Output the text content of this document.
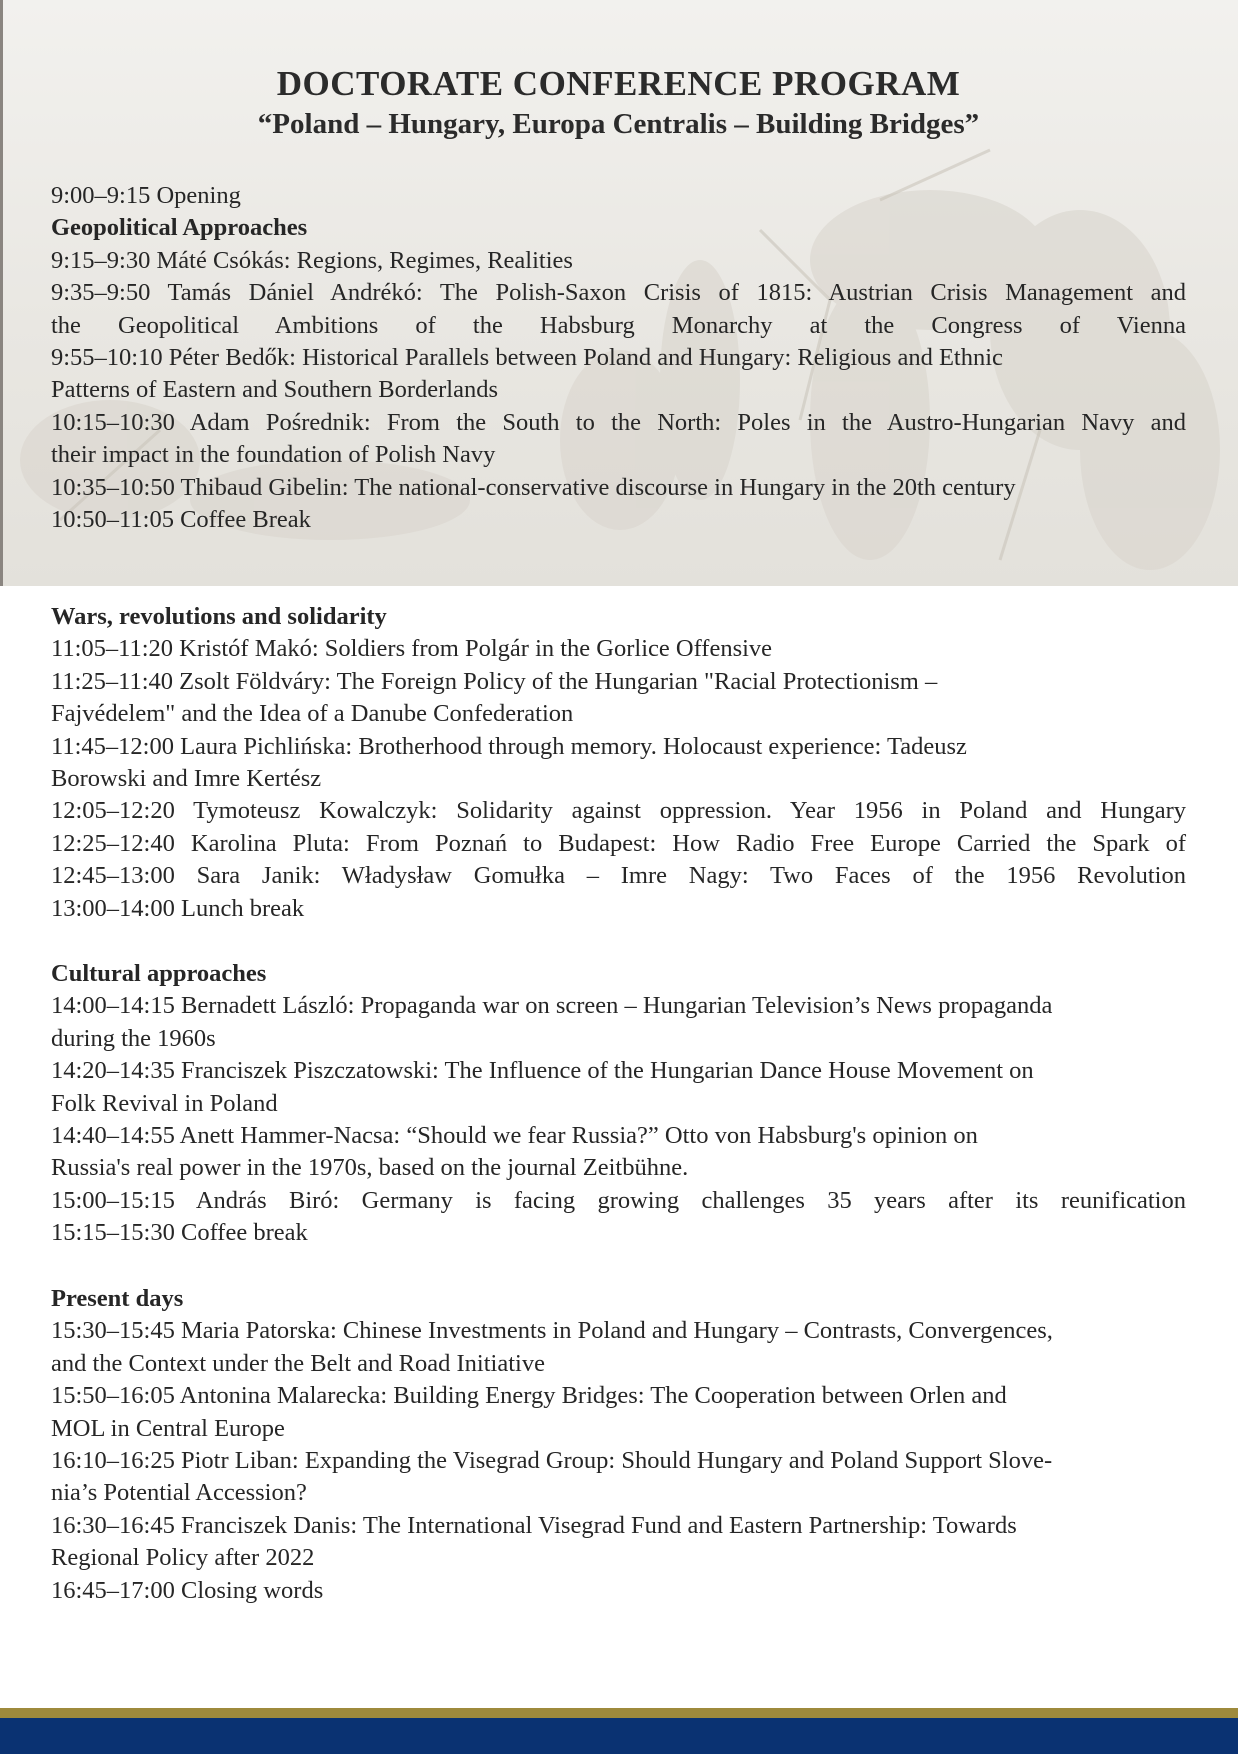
DOCTORATE CONFERENCE PROGRAM
“Poland – Hungary, Europa Centralis – Building Bridges”

9:00–9:15 Opening

Geopolitical Approaches

9:15–9:30 Máté Csókás: Regions, Regimes, Realities

9:35–9:50 Tamás Dániel Andrékó: The Polish-Saxon Crisis of 1815: Austrian Crisis Management and

the Geopolitical Ambitions of the Habsburg Monarchy at the Congress of Vienna

9:55–10:10 Péter Bedők: Historical Parallels between Poland and Hungary: Religious and Ethnic

Patterns of Eastern and Southern Borderlands

10:15–10:30 Adam Pośrednik: From the South to the North: Poles in the Austro-Hungarian Navy and

their impact in the foundation of Polish Navy

10:35–10:50 Thibaud Gibelin: The national-conservative discourse in Hungary in the 20th century

10:50–11:05 Coffee Break

Wars, revolutions and solidarity

11:05–11:20 Kristóf Makó: Soldiers from Polgár in the Gorlice Offensive

11:25–11:40 Zsolt Földváry: The Foreign Policy of the Hungarian "Racial Protectionism –

Fajvédelem" and the Idea of a Danube Confederation

11:45–12:00 Laura Pichlińska: Brotherhood through memory. Holocaust experience: Tadeusz

Borowski and Imre Kertész

12:05–12:20 Tymoteusz Kowalczyk: Solidarity against oppression. Year 1956 in Poland and Hungary

12:25–12:40 Karolina Pluta: From Poznań to Budapest: How Radio Free Europe Carried the Spark of

12:45–13:00 Sara Janik: Władysław Gomułka – Imre Nagy: Two Faces of the 1956 Revolution

13:00–14:00 Lunch break

Cultural approaches

14:00–14:15 Bernadett László: Propaganda war on screen – Hungarian Television’s News propaganda

during the 1960s

14:20–14:35 Franciszek Piszczatowski: The Influence of the Hungarian Dance House Movement on

Folk Revival in Poland

14:40–14:55 Anett Hammer-Nacsa: “Should we fear Russia?” Otto von Habsburg's opinion on

Russia's real power in the 1970s, based on the journal Zeitbühne.

15:00–15:15 András Biró: Germany is facing growing challenges 35 years after its reunification

15:15–15:30 Coffee break

Present days

15:30–15:45 Maria Patorska: Chinese Investments in Poland and Hungary – Contrasts, Convergences,

and the Context under the Belt and Road Initiative

15:50–16:05 Antonina Malarecka: Building Energy Bridges: The Cooperation between Orlen and

MOL in Central Europe

16:10–16:25 Piotr Liban: Expanding the Visegrad Group: Should Hungary and Poland Support Slove-

nia’s Potential Accession?

16:30–16:45 Franciszek Danis: The International Visegrad Fund and Eastern Partnership: Towards

Regional Policy after 2022

16:45–17:00 Closing words
